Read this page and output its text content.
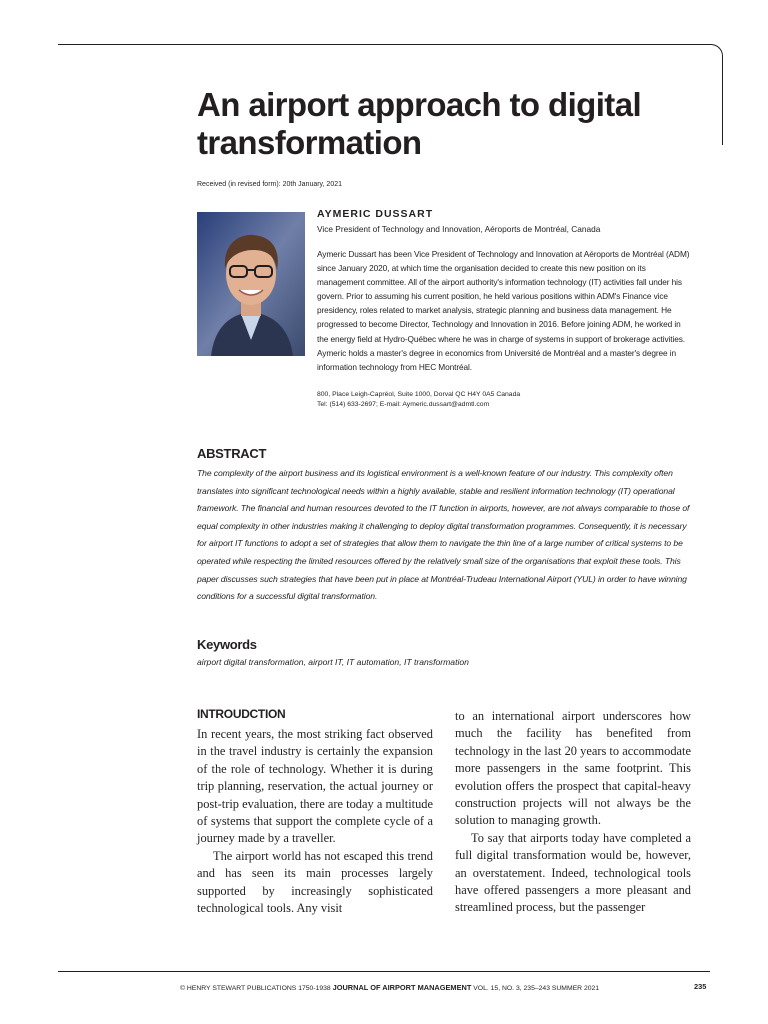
An airport approach to digital transformation
Received (in revised form): 20th January, 2021

AYMERIC DUSSART

Vice President of Technology and Innovation, Aéroports de Montréal, Canada

Aymeric Dussart has been Vice President of Technology and Innovation at Aéroports de Montréal (ADM) since January 2020, at which time the organisation decided to create this new position on its management committee. All of the airport authority's information technology (IT) activities fall under his govern. Prior to assuming his current position, he held various positions within ADM's Finance vice presidency, roles related to market analysis, strategic planning and business data management. He progressed to become Director, Technology and Innovation in 2016. Before joining ADM, he worked in the energy field at Hydro-Québec where he was in charge of systems in support of brokerage activities. Aymeric holds a master's degree in economics from Université de Montréal and a master's degree in information technology from HEC Montréal.

800, Place Leigh-Capréol, Suite 1000, Dorval QC H4Y 0A5 Canada
Tel: (514) 633-2697; E-mail: Aymeric.dussart@admtl.com
ABSTRACT

The complexity of the airport business and its logistical environment is a well-known feature of our industry. This complexity often translates into significant technological needs within a highly available, stable and resilient information technology (IT) operational framework. The financial and human resources devoted to the IT function in airports, however, are not always comparable to those of equal complexity in other industries making it challenging to deploy digital transformation programmes. Consequently, it is necessary for airport IT functions to adopt a set of strategies that allow them to navigate the thin line of a large number of critical systems to be operated while respecting the limited resources offered by the relatively small size of the organisations that exploit these tools. This paper discusses such strategies that have been put in place at Montréal-Trudeau International Airport (YUL) in order to have winning conditions for a successful digital transformation.

Keywords

airport digital transformation, airport IT, IT automation, IT transformation

INTROUDCTION

In recent years, the most striking fact observed in the travel industry is certainly the expansion of the role of technology. Whether it is during trip planning, reservation, the actual journey or post-trip evaluation, there are today a multitude of systems that support the complete cycle of a journey made by a traveller.

The airport world has not escaped this trend and has seen its main processes largely supported by increasingly sophisticated technological tools. Any visit

to an international airport underscores how much the facility has benefited from technology in the last 20 years to accommodate more passengers in the same footprint. This evolution offers the prospect that capital-heavy construction projects will not always be the solution to managing growth.

To say that airports today have completed a full digital transformation would be, however, an overstatement. Indeed, technological tools have offered passengers a more pleasant and streamlined process, but the passenger

© HENRY STEWART PUBLICATIONS 1750-1938 JOURNAL OF AIRPORT MANAGEMENT VOL. 15, NO. 3, 235–243 SUMMER 2021	235
